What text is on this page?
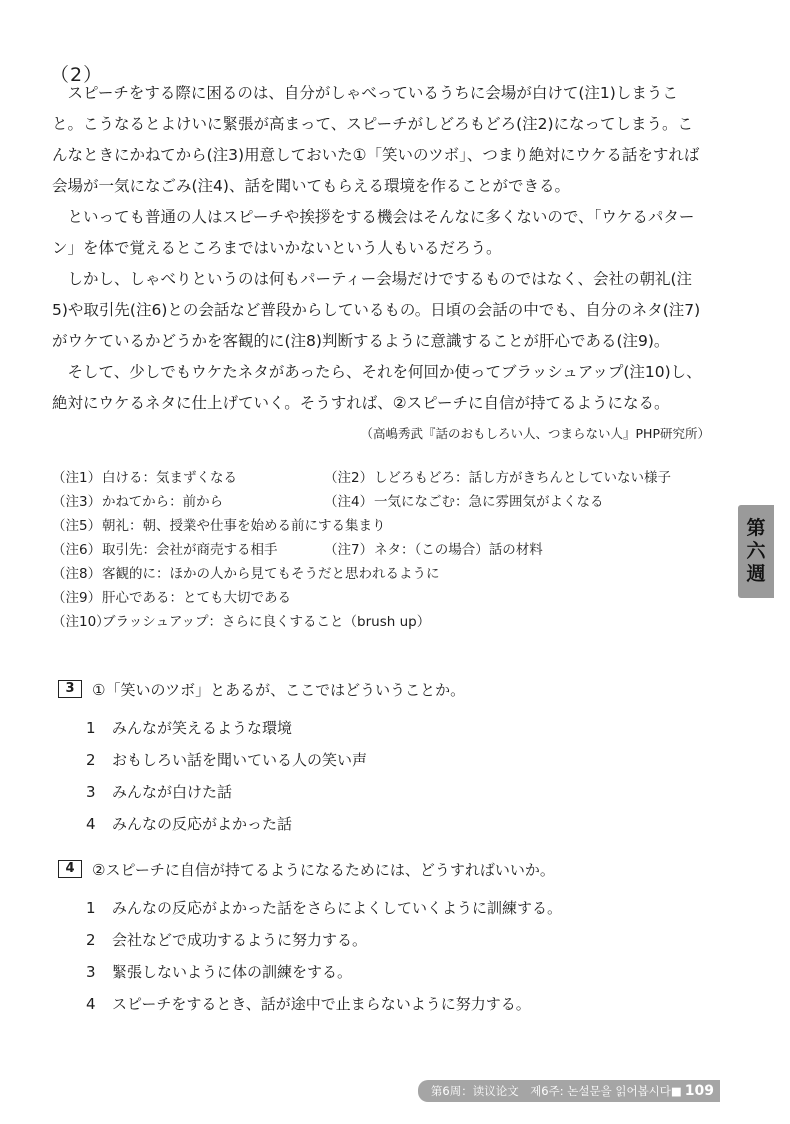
（2）

スピーチをする際に困るのは、自分がしゃべっているうちに会場が白けて(注1)しまうこと。こうなるとよけいに緊張が高まって、スピーチがしどろもどろ(注2)になってしまう。こんなときにかねてから(注3)用意しておいた①「笑いのツボ」、つまり絶対にウケる話をすれば会場が一気になごみ(注4)、話を聞いてもらえる環境を作ることができる。

といっても普通の人はスピーチや挨拶をする機会はそんなに多くないので、「ウケるパターン」を体で覚えるところまではいかないという人もいるだろう。

しかし、しゃべりというのは何もパーティー会場だけでするものではなく、会社の朝礼(注5)や取引先(注6)との会話など普段からしているもの。日頃の会話の中でも、自分のネタ(注7)がウケているかどうかを客観的に(注8)判断するように意識することが肝心である(注9)。

そして、少しでもウケたネタがあったら、それを何回か使ってブラッシュアップ(注10)し、絶対にウケるネタに仕上げていく。そうすれば、②スピーチに自信が持てるようになる。

（高嶋秀武『話のおもしろい人、つまらない人』PHP研究所）
（注1）白ける：気まずくなる	（注2）しどろもどろ：話し方がきちんとしていない様子
（注3）かねてから：前から	（注4）一気になごむ：急に雰囲気がよくなる
（注5）朝礼：朝、授業や仕事を始める前にする集まり
（注6）取引先：会社が商売する相手	（注7）ネタ：（この場合）話の材料
（注8）客観的に：ほかの人から見てもそうだと思われるように
（注9）肝心である：とても大切である
（注10）ブラッシュアップ：さらに良くすること（brush up）
3	①「笑いのツボ」とあるが、ここではどういうことか。
1	みんなが笑えるような環境
2	おもしろい話を聞いている人の笑い声
3	みんなが白けた話
4	みんなの反応がよかった話
4	②スピーチに自信が持てるようになるためには、どうすればいいか。
1	みんなの反応がよかった話をさらによくしていくように訓練する。
2	会社などで成功するように努力する。
3	緊張しないように体の訓練をする。
4	スピーチをするとき、話が途中で止まらないように努力する。
第
六
週
第6周：读议论文　제6주: 논설문을 읽어봅시다■ 109
